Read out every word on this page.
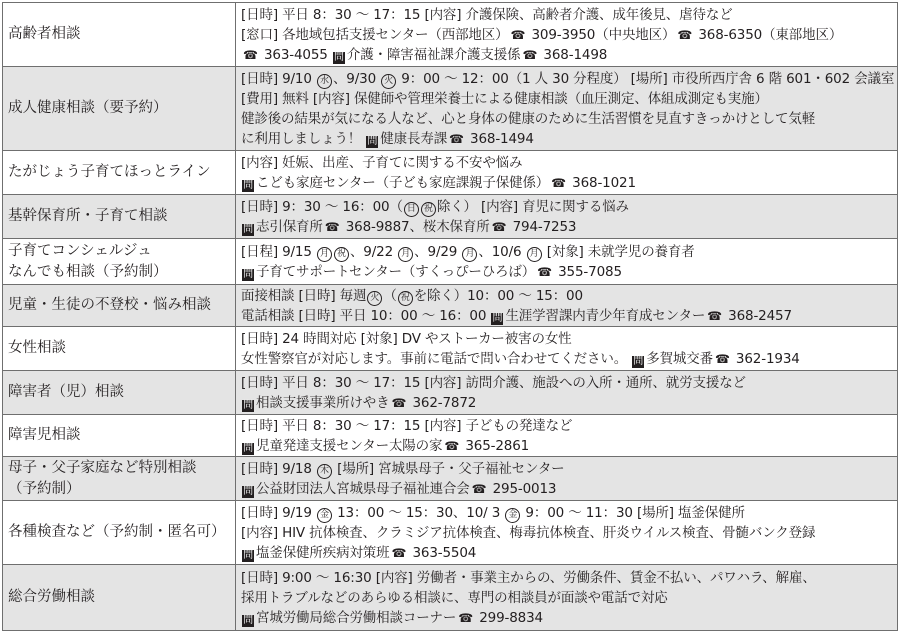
高齢者相談	[日時] 平日 8：30 ～ 17：15 [内容] 介護保険、高齢者介護、成年後見、虐待など
[窓口] 各地域包括支援センター（西部地区） ☎ 309-3950（中央地区） ☎ 368-6350（東部地区）
☎ 363-4055 問 介護・障害福祉課介護支援係 ☎ 368-1498

成人健康相談（要予約）	[日時] 9/10 水 、9/30 火 9：00 ～ 12：00（1 人 30 分程度） [場所] 市役所西庁舎 6 階 601・602 会議室
[費用] 無料 [内容] 保健師や管理栄養士による健康相談（血圧測定、体組成測定も実施）
健診後の結果が気になる人など、心と身体の健康のために生活習慣を見直すきっかけとして気軽
に利用しましょう！ 問 健康長寿課 ☎ 368-1494

たがじょう子育てほっとライン	[内容] 妊娠、出産、子育てに関する不安や悩み
問 こども家庭センター（子ども家庭課親子保健係） ☎ 368-1021

基幹保育所・子育て相談	[日時] 9：30 ～ 16：00（ 日 祝 除く） [内容] 育児に関する悩み
問 志引保育所 ☎ 368-9887、桜木保育所 ☎ 794-7253

子育てコンシェルジュ
なんでも相談（予約制）	[日程] 9/15 月 祝 、9/22 月 、9/29 月 、10/6 月 [対象] 未就学児の養育者
問 子育てサポートセンター（すくっぴーひろば） ☎ 355-7085

児童・生徒の不登校・悩み相談	面接相談 [日時] 毎週 火 （ 祝 を除く）10：00 ～ 15：00
電話相談 [日時] 平日 10：00 ～ 16：00 問 生涯学習課内青少年育成センター ☎ 368-2457

女性相談	[日時] 24 時間対応 [対象] DV やストーカー被害の女性
女性警察官が対応します。事前に電話で問い合わせてください。 問 多賀城交番 ☎ 362-1934

障害者（児）相談	[日時] 平日 8：30 ～ 17：15 [内容] 訪問介護、施設への入所・通所、就労支援など
問 相談支援事業所けやき ☎ 362-7872

障害児相談	[日時] 平日 8：30 ～ 17：15 [内容] 子どもの発達など
問 児童発達支援センター太陽の家 ☎ 365-2861

母子・父子家庭など特別相談
（予約制）	[日時] 9/18 木 [場所] 宮城県母子・父子福祉センター
問 公益財団法人宮城県母子福祉連合会 ☎ 295-0013

各種検査など（予約制・匿名可）	[日時] 9/19 金 13：00 ～ 15：30、10/ 3 金 9：00 ～ 11：30 [場所] 塩釜保健所
[内容] HIV 抗体検査、クラミジア抗体検査、梅毒抗体検査、肝炎ウイルス検査、骨髄バンク登録
問 塩釜保健所疾病対策班 ☎ 363-5504

総合労働相談	[日時] 9:00 ～ 16:30 [内容] 労働者・事業主からの、労働条件、賃金不払い、パワハラ、解雇、
採用トラブルなどのあらゆる相談に、専門の相談員が面談や電話で対応
問 宮城労働局総合労働相談コーナー ☎ 299-8834
